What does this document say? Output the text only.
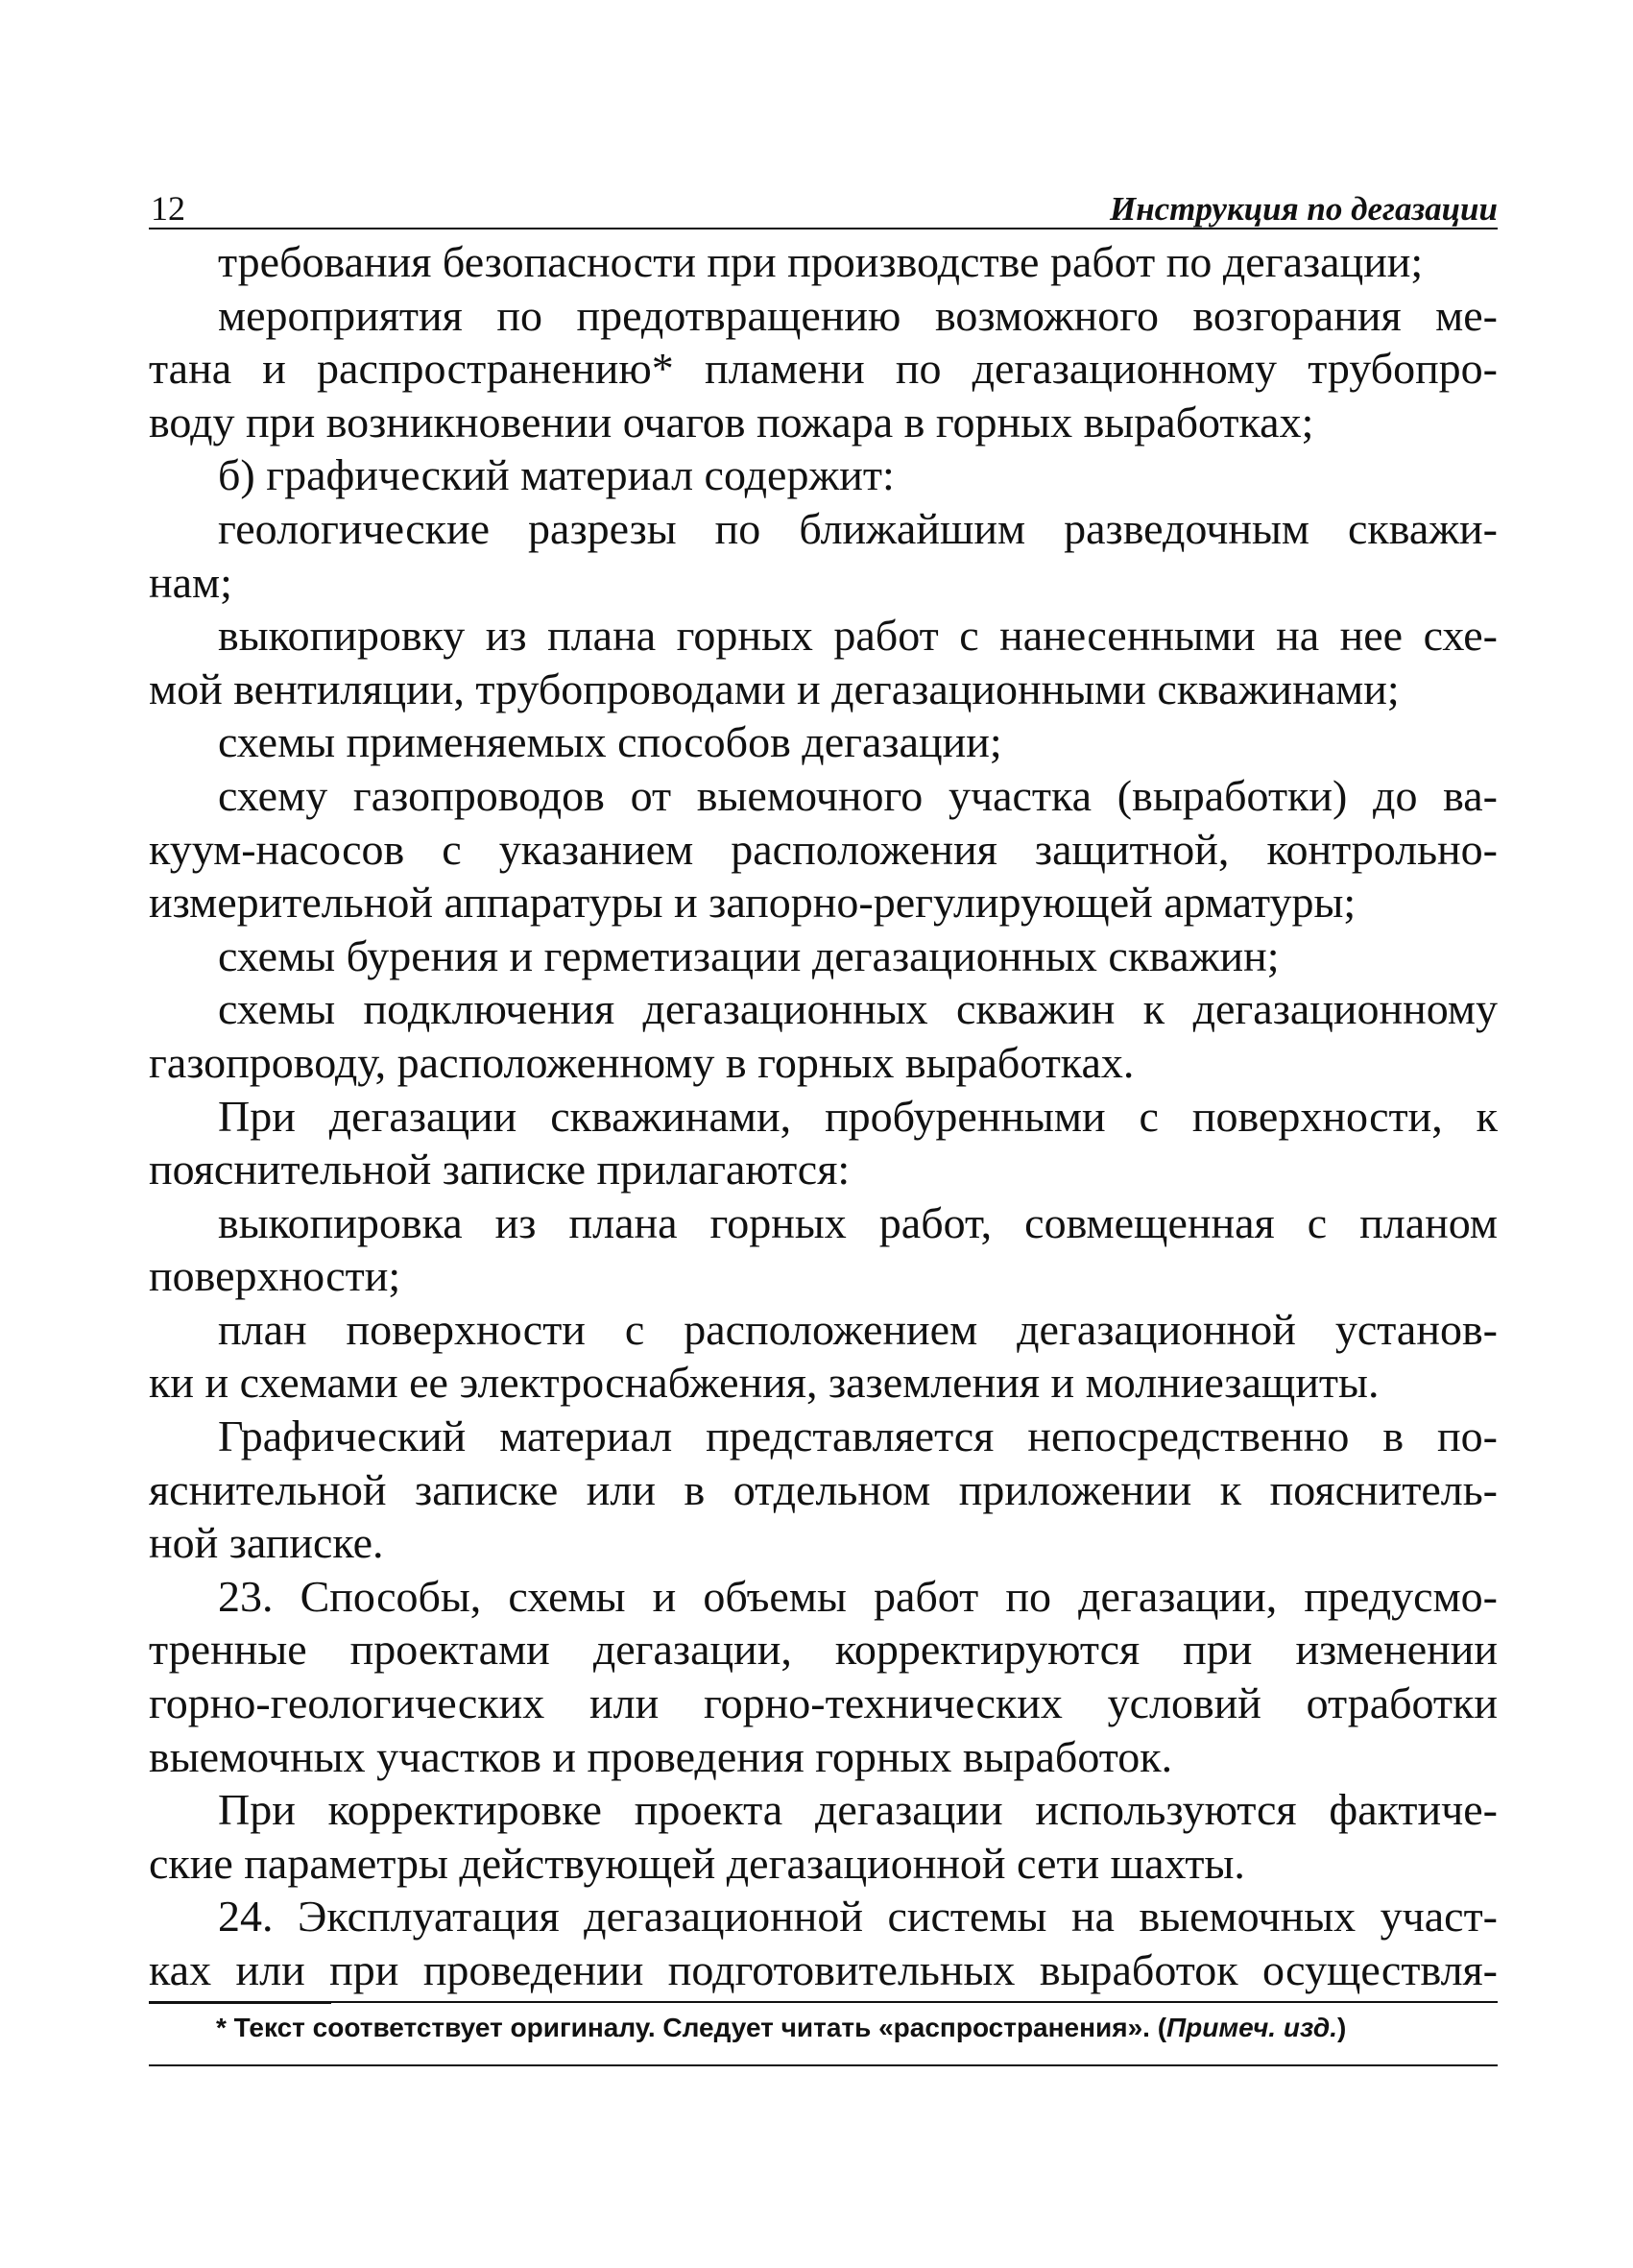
12	Инструкция по дегазации
требования безопасности при производстве работ по дегазации;
мероприятия по предотвращению возможного возгорания ме-
тана и распространению* пламени по дегазационному трубопро-
воду при возникновении очагов пожара в горных выработках;
б) графический материал содержит:
геологические разрезы по ближайшим разведочным скважи-
нам;
выкопировку из плана горных работ с нанесенными на нее схе-
мой вентиляции, трубопроводами и дегазационными скважинами;
схемы применяемых способов дегазации;
схему газопроводов от выемочного участка (выработки) до ва-
куум-насосов с указанием расположения защитной, контрольно-
измерительной аппаратуры и запорно-регулирующей арматуры;
схемы бурения и герметизации дегазационных скважин;
схемы подключения дегазационных скважин к дегазационному
газопроводу, расположенному в горных выработках.
При дегазации скважинами, пробуренными с поверхности, к
пояснительной записке прилагаются:
выкопировка из плана горных работ, совмещенная с планом
поверхности;
план поверхности с расположением дегазационной установ-
ки и схемами ее электроснабжения, заземления и молниезащиты.
Графический материал представляется непосредственно в по-
яснительной записке или в отдельном приложении к пояснитель-
ной записке.
23. Способы, схемы и объемы работ по дегазации, предусмо-
тренные проектами дегазации, корректируются при изменении
горно-геологических или горно-технических условий отработки
выемочных участков и проведения горных выработок.
При корректировке проекта дегазации используются фактиче-
ские параметры действующей дегазационной сети шахты.
24. Эксплуатация дегазационной системы на выемочных участ-
ках или при проведении подготовительных выработок осуществля-
* Текст соответствует оригиналу. Следует читать «распространения». (Примеч. изд.)
